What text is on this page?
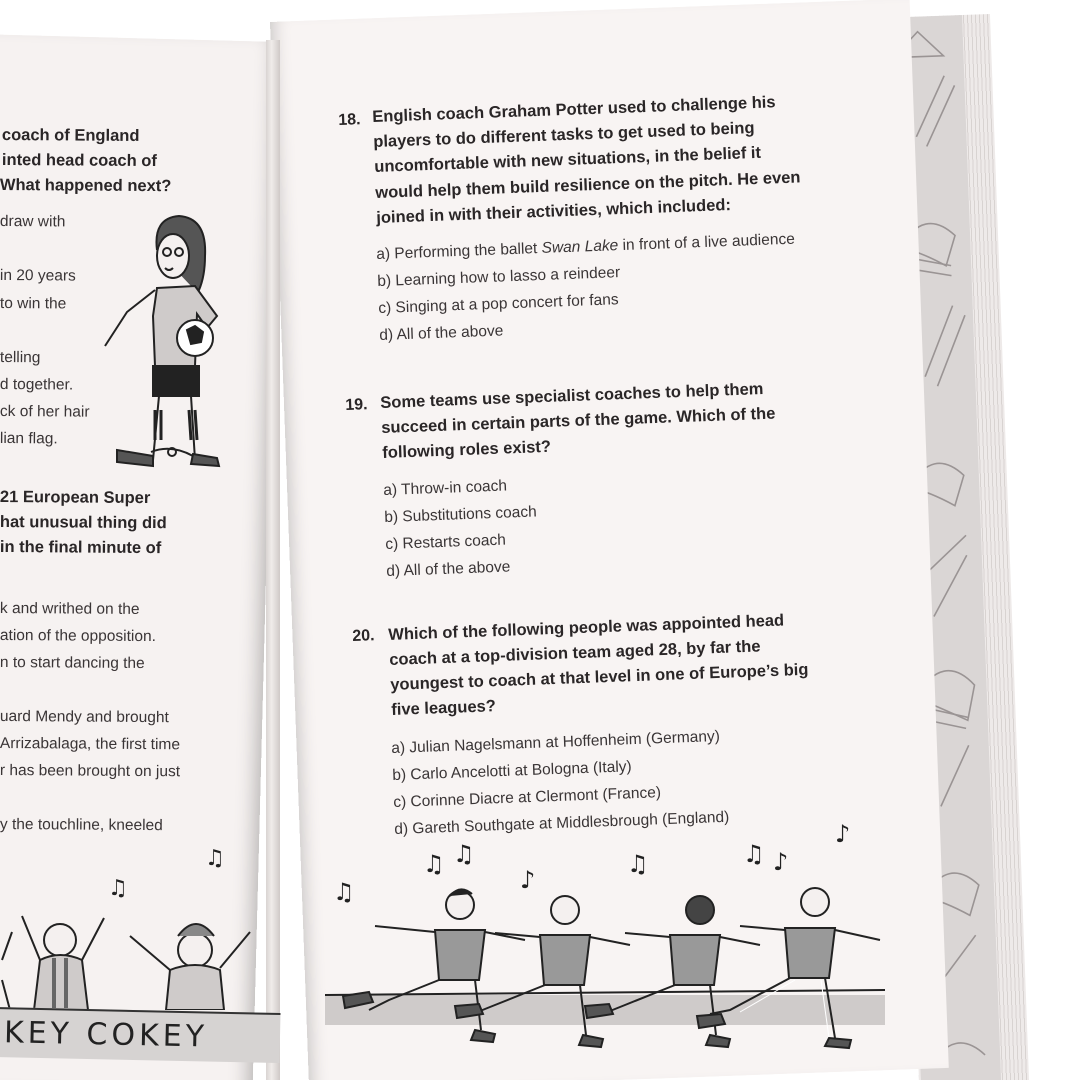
coach of England
inted head coach of
What happened next?
draw with
in 20 years
to win the
telling
d together.
ck of her hair
lian flag.
21 European Super
hat unusual thing did
in the final minute of
k and writhed on the
ation of the opposition.
n to start dancing the
uard Mendy and brought
Arrizabalaga, the first time
r has been brought on just
y the touchline, kneeled
♫
♫
KEY COKEY
18. English coach Graham Potter used to challenge his
players to do different tasks to get used to being
uncomfortable with new situations, in the belief it
would help them build resilience on the pitch. He even
joined in with their activities, which included:
a) Performing the ballet Swan Lake in front of a live audience
b) Learning how to lasso a reindeer
c) Singing at a pop concert for fans
d) All of the above
19. Some teams use specialist coaches to help them
succeed in certain parts of the game. Which of the
following roles exist?
a) Throw-in coach
b) Substitutions coach
c) Restarts coach
d) All of the above
20. Which of the following people was appointed head
coach at a top-division team aged 28, by far the
youngest to coach at that level in one of Europe’s big
five leagues?
a) Julian Nagelsmann at Hoffenheim (Germany)
b) Carlo Ancelotti at Bologna (Italy)
c) Corinne Diacre at Clermont (France)
d) Gareth Southgate at Middlesbrough (England)
♫
♫ ♫
♪
♫	♫ ♪
♪
